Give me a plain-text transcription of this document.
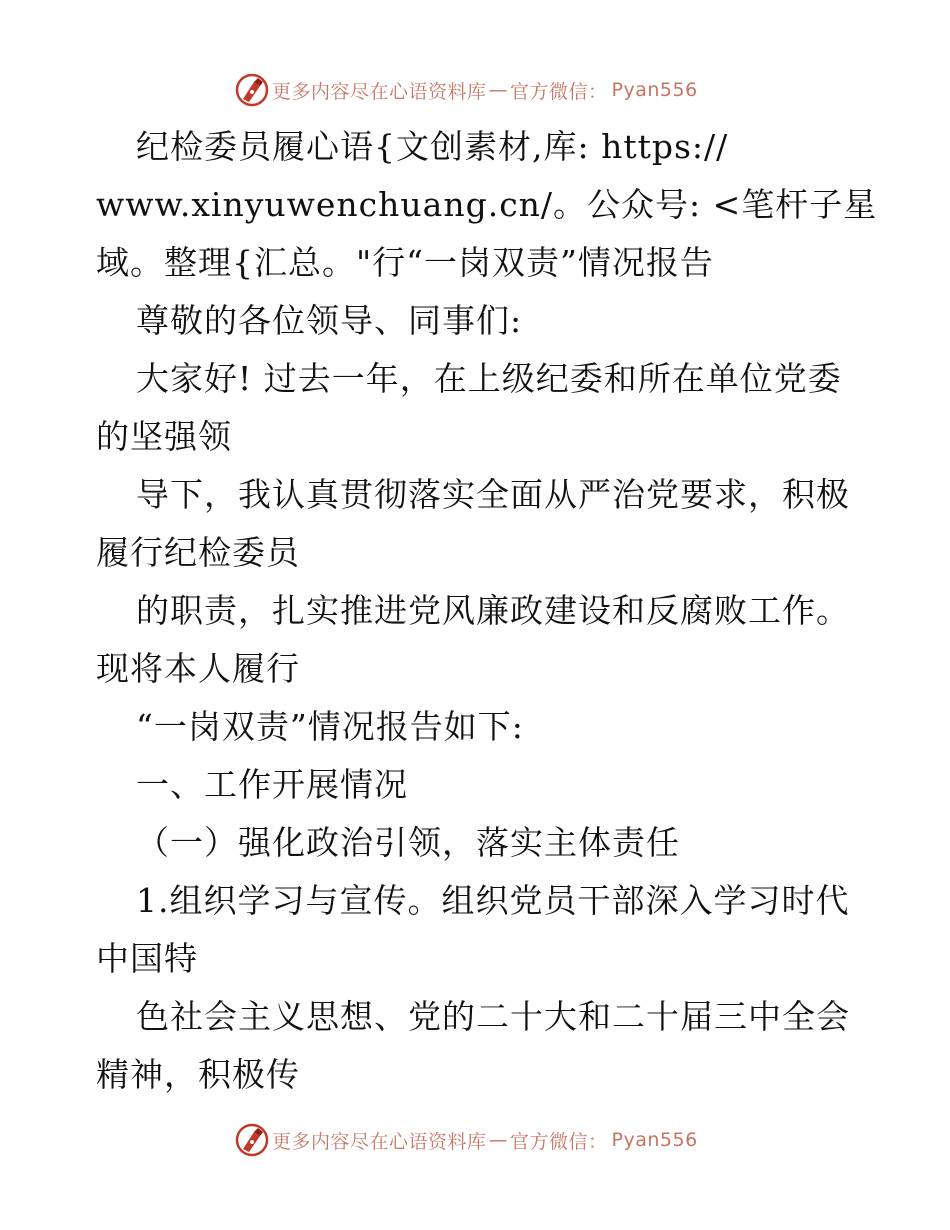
更多内容尽在心语资料库 — 官方微信： Pyan556
纪检委员履心语{文创素材,库: https://
www.xinyuwenchuang.cn/。公众号: <笔杆子星
域。整理{汇总。"行“一岗双责”情况报告
尊敬的各位领导、同事们:
大家好! 过去一年，在上级纪委和所在单位党委
的坚强领
导下，我认真贯彻落实全面从严治党要求，积极
履行纪检委员
的职责，扎实推进党风廉政建设和反腐败工作。
现将本人履行
“一岗双责”情况报告如下:
一、工作开展情况
（一）强化政治引领，落实主体责任
1.组织学习与宣传。组织党员干部深入学习时代
中国特
色社会主义思想、党的二十大和二十届三中全会
精神，积极传
更多内容尽在心语资料库 — 官方微信： Pyan556
